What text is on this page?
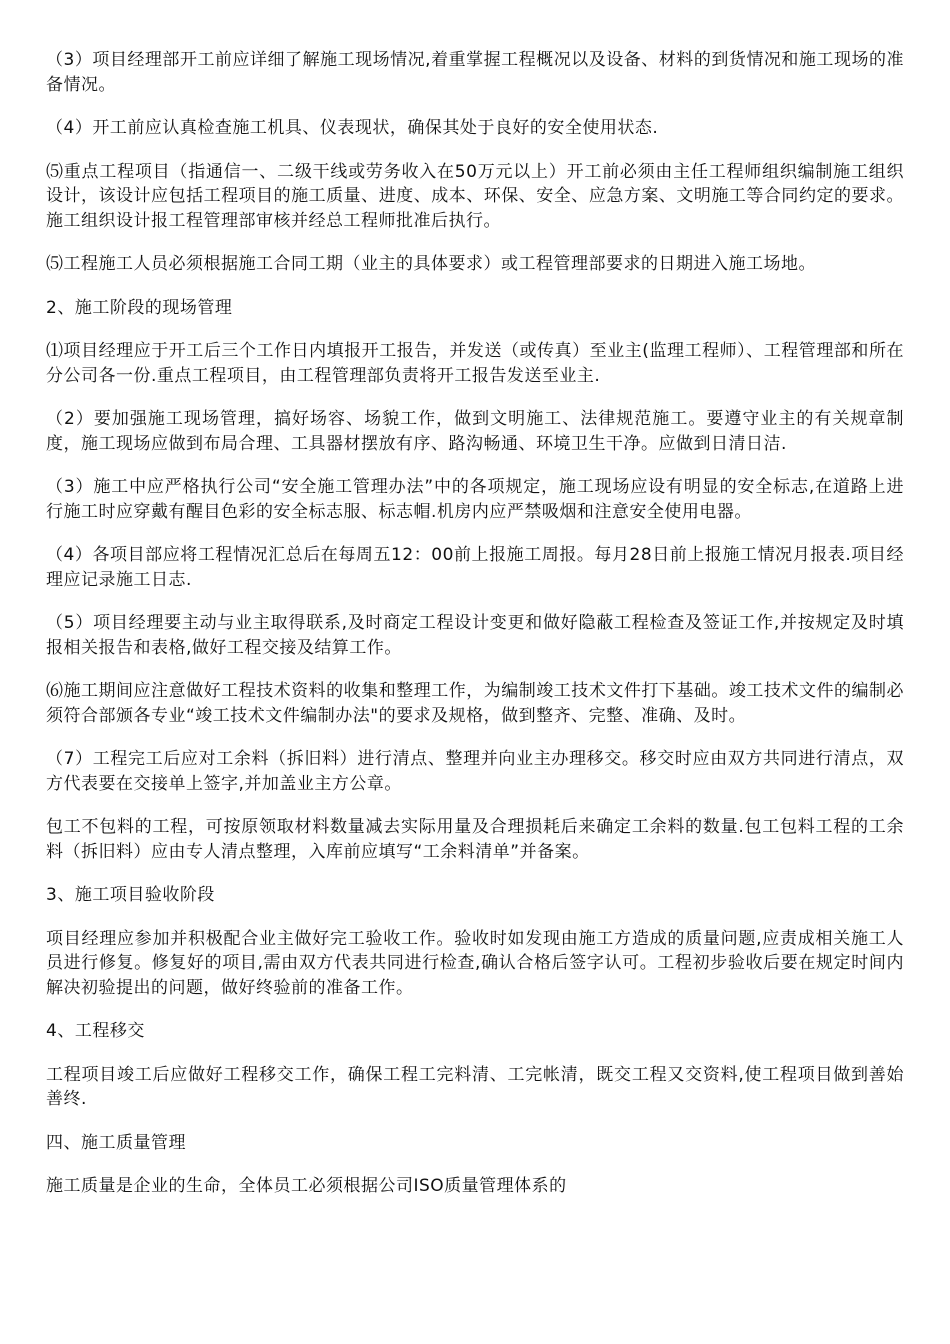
（3）项目经理部开工前应详细了解施工现场情况,着重掌握工程概况以及设备、材料的到货情况和施工现场的准备情况。

（4）开工前应认真检查施工机具、仪表现状，确保其处于良好的安全使用状态.

⑸重点工程项目（指通信一、二级干线或劳务收入在50万元以上）开工前必须由主任工程师组织编制施工组织设计，该设计应包括工程项目的施工质量、进度、成本、环保、安全、应急方案、文明施工等合同约定的要求。施工组织设计报工程管理部审核并经总工程师批准后执行。

⑸工程施工人员必须根据施工合同工期（业主的具体要求）或工程管理部要求的日期进入施工场地。

2、施工阶段的现场管理

⑴项目经理应于开工后三个工作日内填报开工报告，并发送（或传真）至业主(监理工程师）、工程管理部和所在分公司各一份.重点工程项目，由工程管理部负责将开工报告发送至业主.

（2）要加强施工现场管理，搞好场容、场貌工作，做到文明施工、法律规范施工。要遵守业主的有关规章制度，施工现场应做到布局合理、工具器材摆放有序、路沟畅通、环境卫生干净。应做到日清日洁.

（3）施工中应严格执行公司“安全施工管理办法”中的各项规定，施工现场应设有明显的安全标志,在道路上进行施工时应穿戴有醒目色彩的安全标志服、标志帽.机房内应严禁吸烟和注意安全使用电器。

（4）各项目部应将工程情况汇总后在每周五12：00前上报施工周报。每月28日前上报施工情况月报表.项目经理应记录施工日志.

（5）项目经理要主动与业主取得联系,及时商定工程设计变更和做好隐蔽工程检查及签证工作,并按规定及时填报相关报告和表格,做好工程交接及结算工作。

⑹施工期间应注意做好工程技术资料的收集和整理工作，为编制竣工技术文件打下基础。竣工技术文件的编制必须符合部颁各专业“竣工技术文件编制办法"的要求及规格，做到整齐、完整、准确、及时。

（7）工程完工后应对工余料（拆旧料）进行清点、整理并向业主办理移交。移交时应由双方共同进行清点，双方代表要在交接单上签字,并加盖业主方公章。

包工不包料的工程，可按原领取材料数量减去实际用量及合理损耗后来确定工余料的数量.包工包料工程的工余料（拆旧料）应由专人清点整理，入库前应填写“工余料清单”并备案。

3、施工项目验收阶段

项目经理应参加并积极配合业主做好完工验收工作。验收时如发现由施工方造成的质量问题,应责成相关施工人员进行修复。修复好的项目,需由双方代表共同进行检查,确认合格后签字认可。工程初步验收后要在规定时间内解决初验提出的问题，做好终验前的准备工作。

4、工程移交

工程项目竣工后应做好工程移交工作，确保工程工完料清、工完帐清，既交工程又交资料,使工程项目做到善始善终.

四、施工质量管理

施工质量是企业的生命，全体员工必须根据公司ISO质量管理体系的
